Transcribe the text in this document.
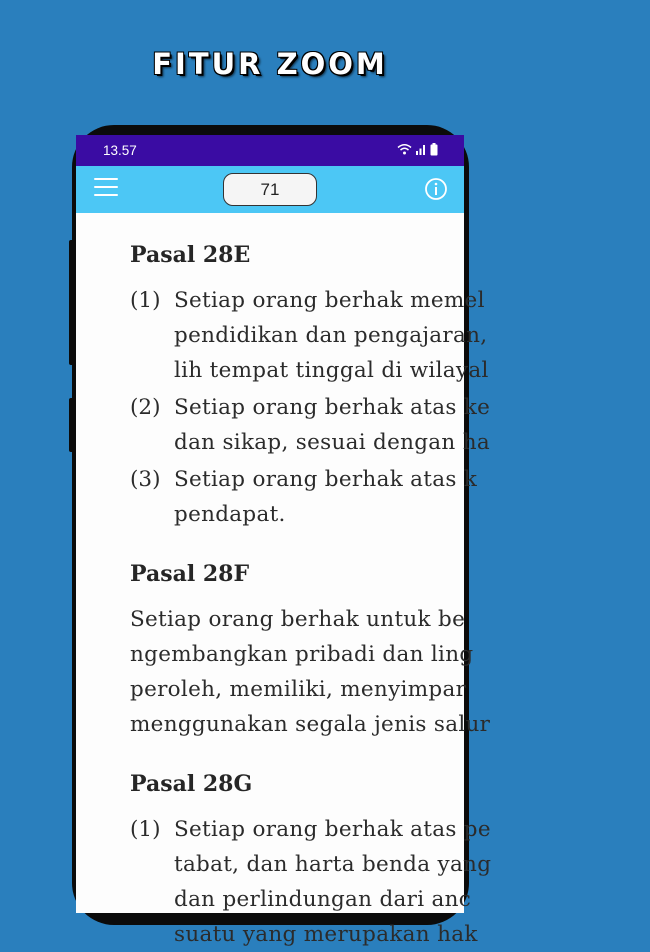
FITUR ZOOM
13.57
71
Pasal 28E
(1) Setiap orang berhak memel
pendidikan dan pengajaran,
lih tempat tinggal di wilayal
(2) Setiap orang berhak atas ke
dan sikap, sesuai dengan ha
(3) Setiap orang berhak atas k
pendapat.
Pasal 28F
Setiap orang berhak untuk be
ngembangkan pribadi dan ling
peroleh, memiliki, menyimpar
menggunakan segala jenis salur
Pasal 28G
(1) Setiap orang berhak atas pe
tabat, dan harta benda yang
dan perlindungan dari anc
suatu yang merupakan hak
